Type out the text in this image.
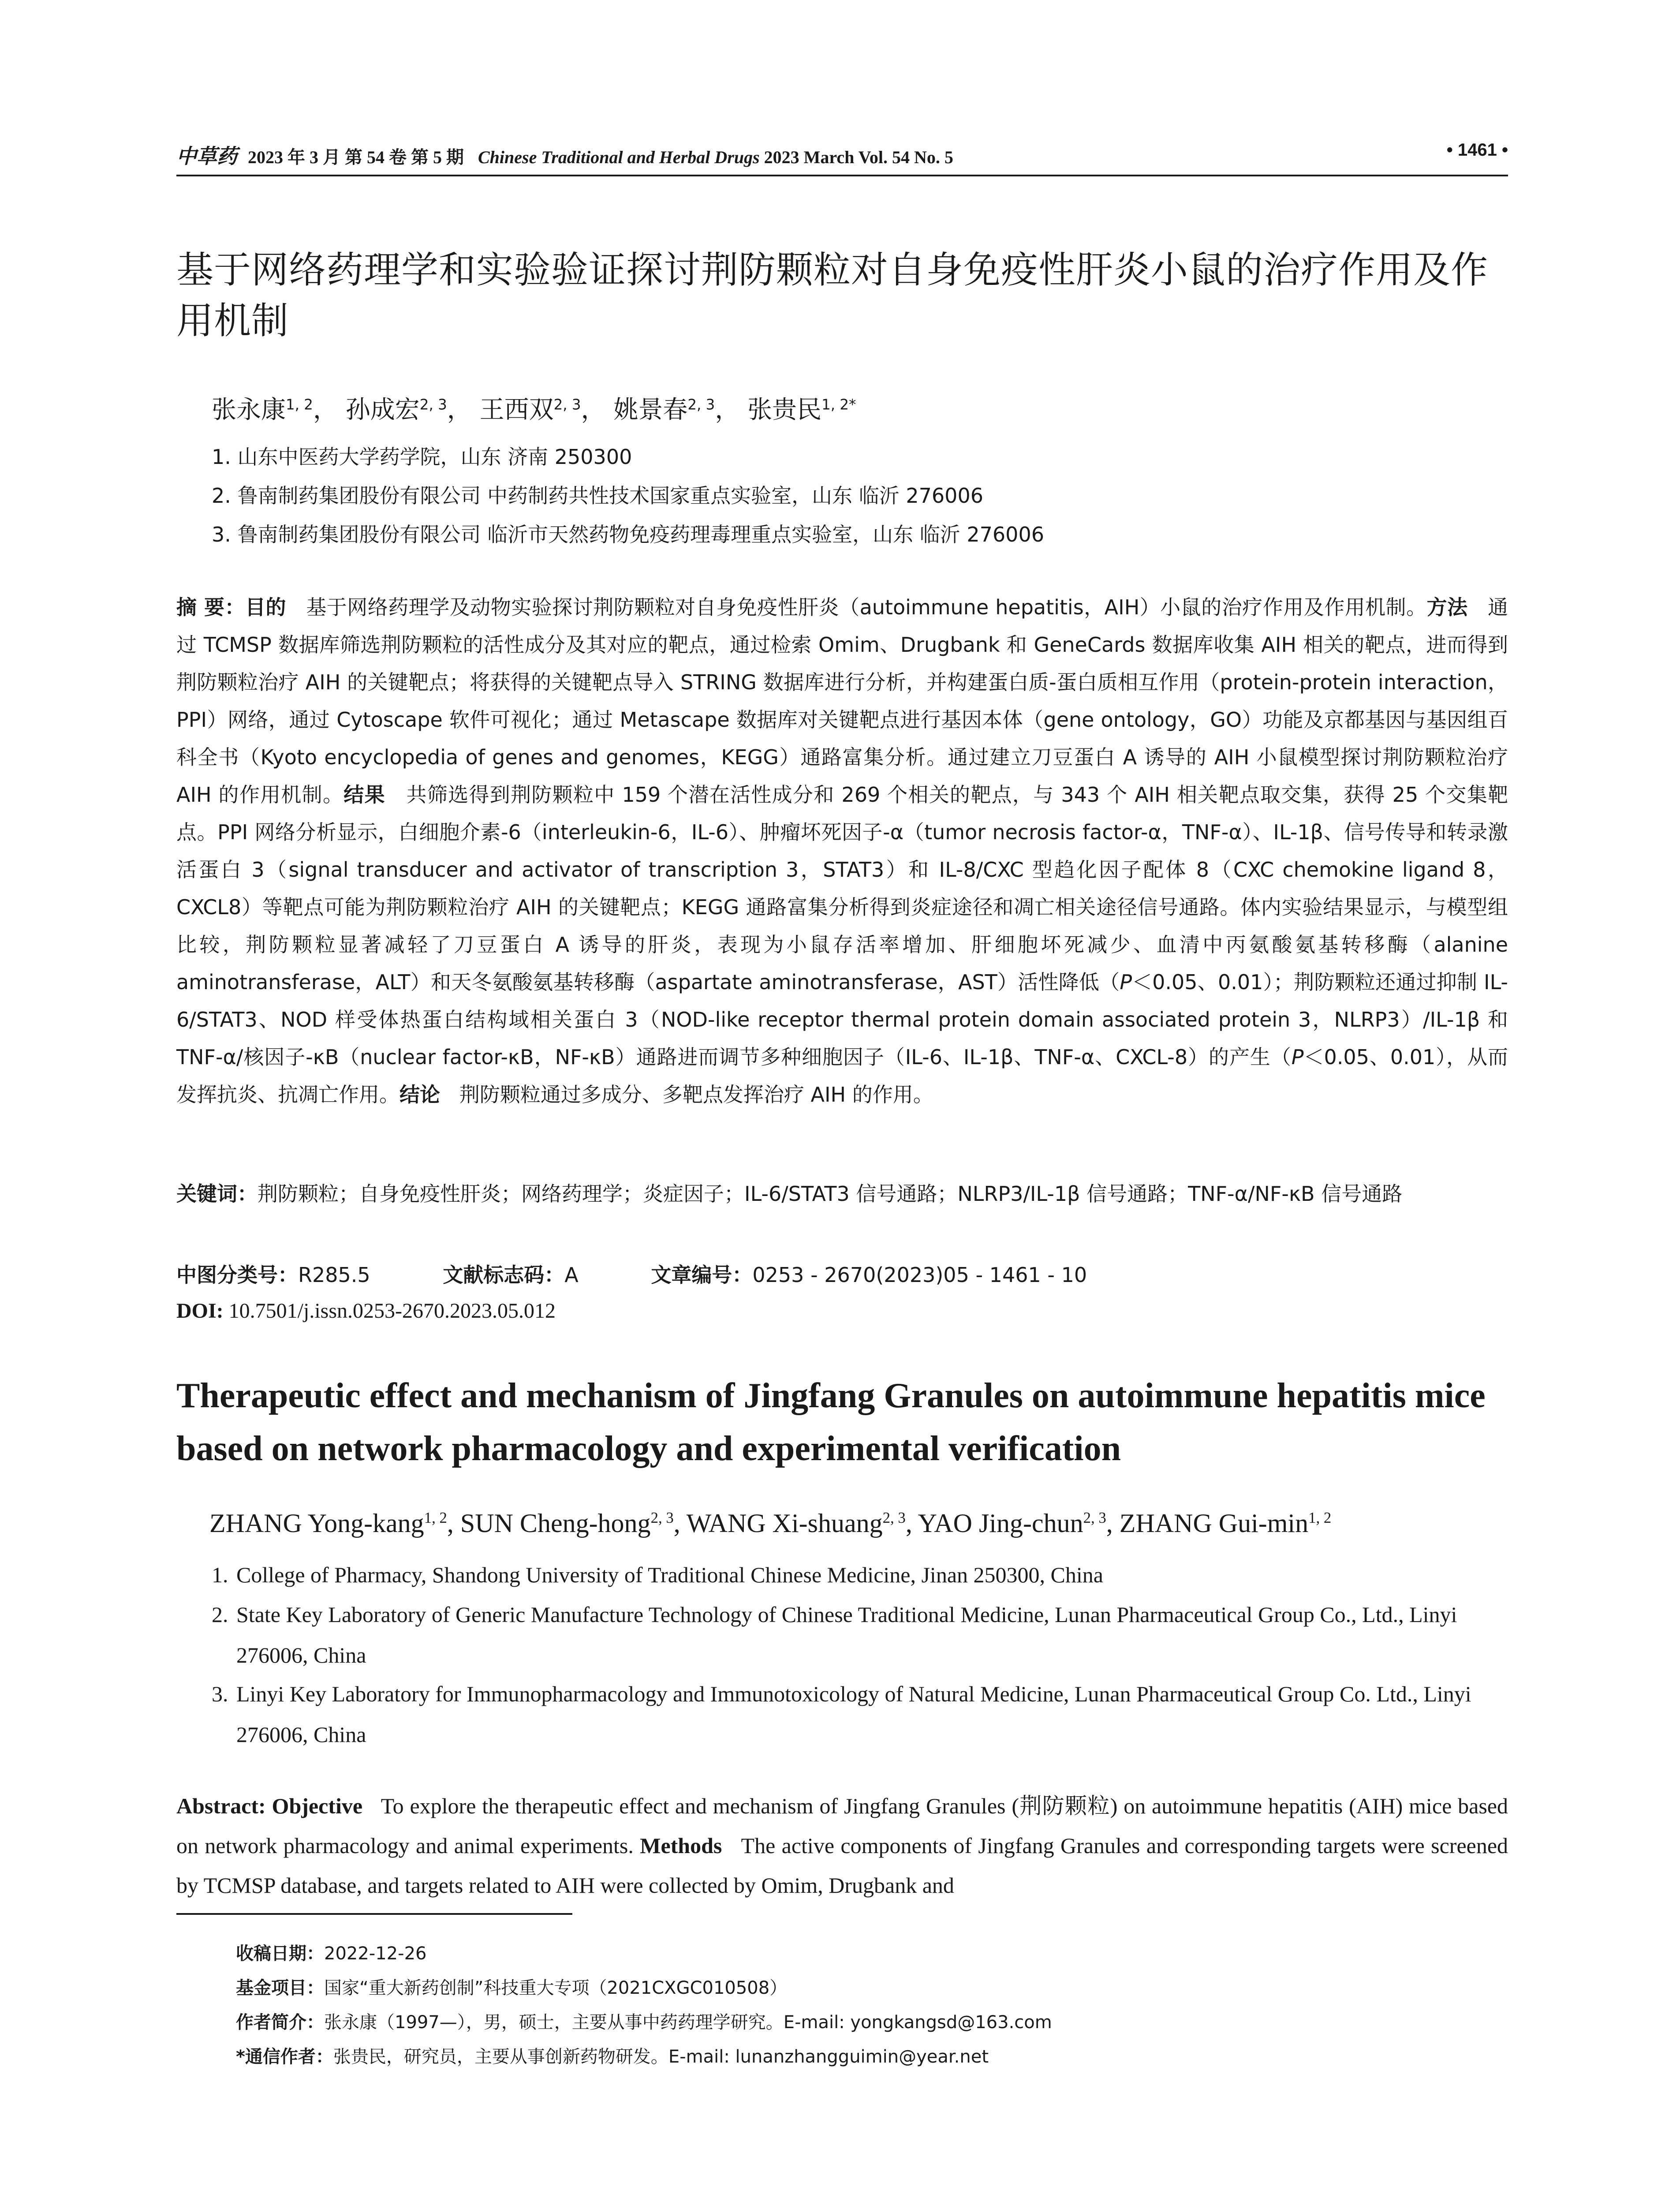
中草药 2023 年 3 月 第 54 卷 第 5 期 Chinese Traditional and Herbal Drugs 2023 March Vol. 54 No. 5	• 1461 •
基于网络药理学和实验验证探讨荆防颗粒对自身免疫性肝炎小鼠的治疗作用及作用机制
张永康$^{1, 2}$， 孙成宏$^{2, 3}$， 王西双$^{2, 3}$， 姚景春$^{2, 3}$， 张贵民$^{1, 2*}$
1. 山东中医药大学药学院，山东 济南 250300
2. 鲁南制药集团股份有限公司 中药制药共性技术国家重点实验室，山东 临沂 276006
3. 鲁南制药集团股份有限公司 临沂市天然药物免疫药理毒理重点实验室，山东 临沂 276006
摘 要：目的 基于网络药理学及动物实验探讨荆防颗粒对自身免疫性肝炎（autoimmune hepatitis，AIH）小鼠的治疗作用及作用机制。方法 通过 TCMSP 数据库筛选荆防颗粒的活性成分及其对应的靶点，通过检索 Omim、Drugbank 和 GeneCards 数据库收集 AIH 相关的靶点，进而得到荆防颗粒治疗 AIH 的关键靶点；将获得的关键靶点导入 STRING 数据库进行分析，并构建蛋白质-蛋白质相互作用（protein-protein interaction，PPI）网络，通过 Cytoscape 软件可视化；通过 Metascape 数据库对关键靶点进行基因本体（gene ontology，GO）功能及京都基因与基因组百科全书（Kyoto encyclopedia of genes and genomes，KEGG）通路富集分析。通过建立刀豆蛋白 A 诱导的 AIH 小鼠模型探讨荆防颗粒治疗 AIH 的作用机制。结果 共筛选得到荆防颗粒中 159 个潜在活性成分和 269 个相关的靶点，与 343 个 AIH 相关靶点取交集，获得 25 个交集靶点。PPI 网络分析显示，白细胞介素-6（interleukin-6，IL-6）、肿瘤坏死因子-α（tumor necrosis factor-α，TNF-α）、IL-1β、信号传导和转录激活蛋白 3（signal transducer and activator of transcription 3，STAT3）和 IL-8/CXC 型趋化因子配体 8（CXC chemokine ligand 8，CXCL8）等靶点可能为荆防颗粒治疗 AIH 的关键靶点；KEGG 通路富集分析得到炎症途径和凋亡相关途径信号通路。体内实验结果显示，与模型组比较，荆防颗粒显著减轻了刀豆蛋白 A 诱导的肝炎，表现为小鼠存活率增加、肝细胞坏死减少、血清中丙氨酸氨基转移酶（alanine aminotransferase，ALT）和天冬氨酸氨基转移酶（aspartate aminotransferase，AST）活性降低（P＜0.05、0.01）；荆防颗粒还通过抑制 IL-6/STAT3、NOD 样受体热蛋白结构域相关蛋白 3（NOD-like receptor thermal protein domain associated protein 3，NLRP3）/IL-1β 和 TNF-α/核因子-κB（nuclear factor-κB，NF-κB）通路进而调节多种细胞因子（IL-6、IL-1β、TNF-α、CXCL-8）的产生（P＜0.05、0.01），从而发挥抗炎、抗凋亡作用。结论 荆防颗粒通过多成分、多靶点发挥治疗 AIH 的作用。
关键词：荆防颗粒；自身免疫性肝炎；网络药理学；炎症因子；IL-6/STAT3 信号通路；NLRP3/IL-1β 信号通路；TNF-α/NF-κB 信号通路
中图分类号：R285.5	文献标志码：A	文章编号：0253 - 2670(2023)05 - 1461 - 10
DOI: 10.7501/j.issn.0253-2670.2023.05.012
Therapeutic effect and mechanism of Jingfang Granules on autoimmune hepatitis mice based on network pharmacology and experimental verification
ZHANG Yong-kang$^{1, 2}$, SUN Cheng-hong$^{2, 3}$, WANG Xi-shuang$^{2, 3}$, YAO Jing-chun$^{2, 3}$, ZHANG Gui-$\min^{1, 2}$
1. College of Pharmacy, Shandong University of Traditional Chinese Medicine, Jinan 250300, China
2. State Key Laboratory of Generic Manufacture Technology of Chinese Traditional Medicine, Lunan Pharmaceutical Group Co., Ltd., Linyi 276006, China
3. Linyi Key Laboratory for Immunopharmacology and Immunotoxicology of Natural Medicine, Lunan Pharmaceutical Group Co. Ltd., Linyi 276006, China
Abstract: Objective To explore the therapeutic effect and mechanism of Jingfang Granules (荆防颗粒) on autoimmune hepatitis (AIH) mice based on network pharmacology and animal experiments. Methods The active components of Jingfang Granules and corresponding targets were screened by TCMSP database, and targets related to AIH were collected by Omim, Drugbank and
收稿日期：2022-12-26
基金项目：国家“重大新药创制”科技重大专项（2021CXGC010508）
作者简介：张永康（1997—），男，硕士，主要从事中药药理学研究。E-mail: yongkangsd@163.com
*通信作者：张贵民，研究员，主要从事创新药物研发。E-mail: lunanzhangguimin@year.net
